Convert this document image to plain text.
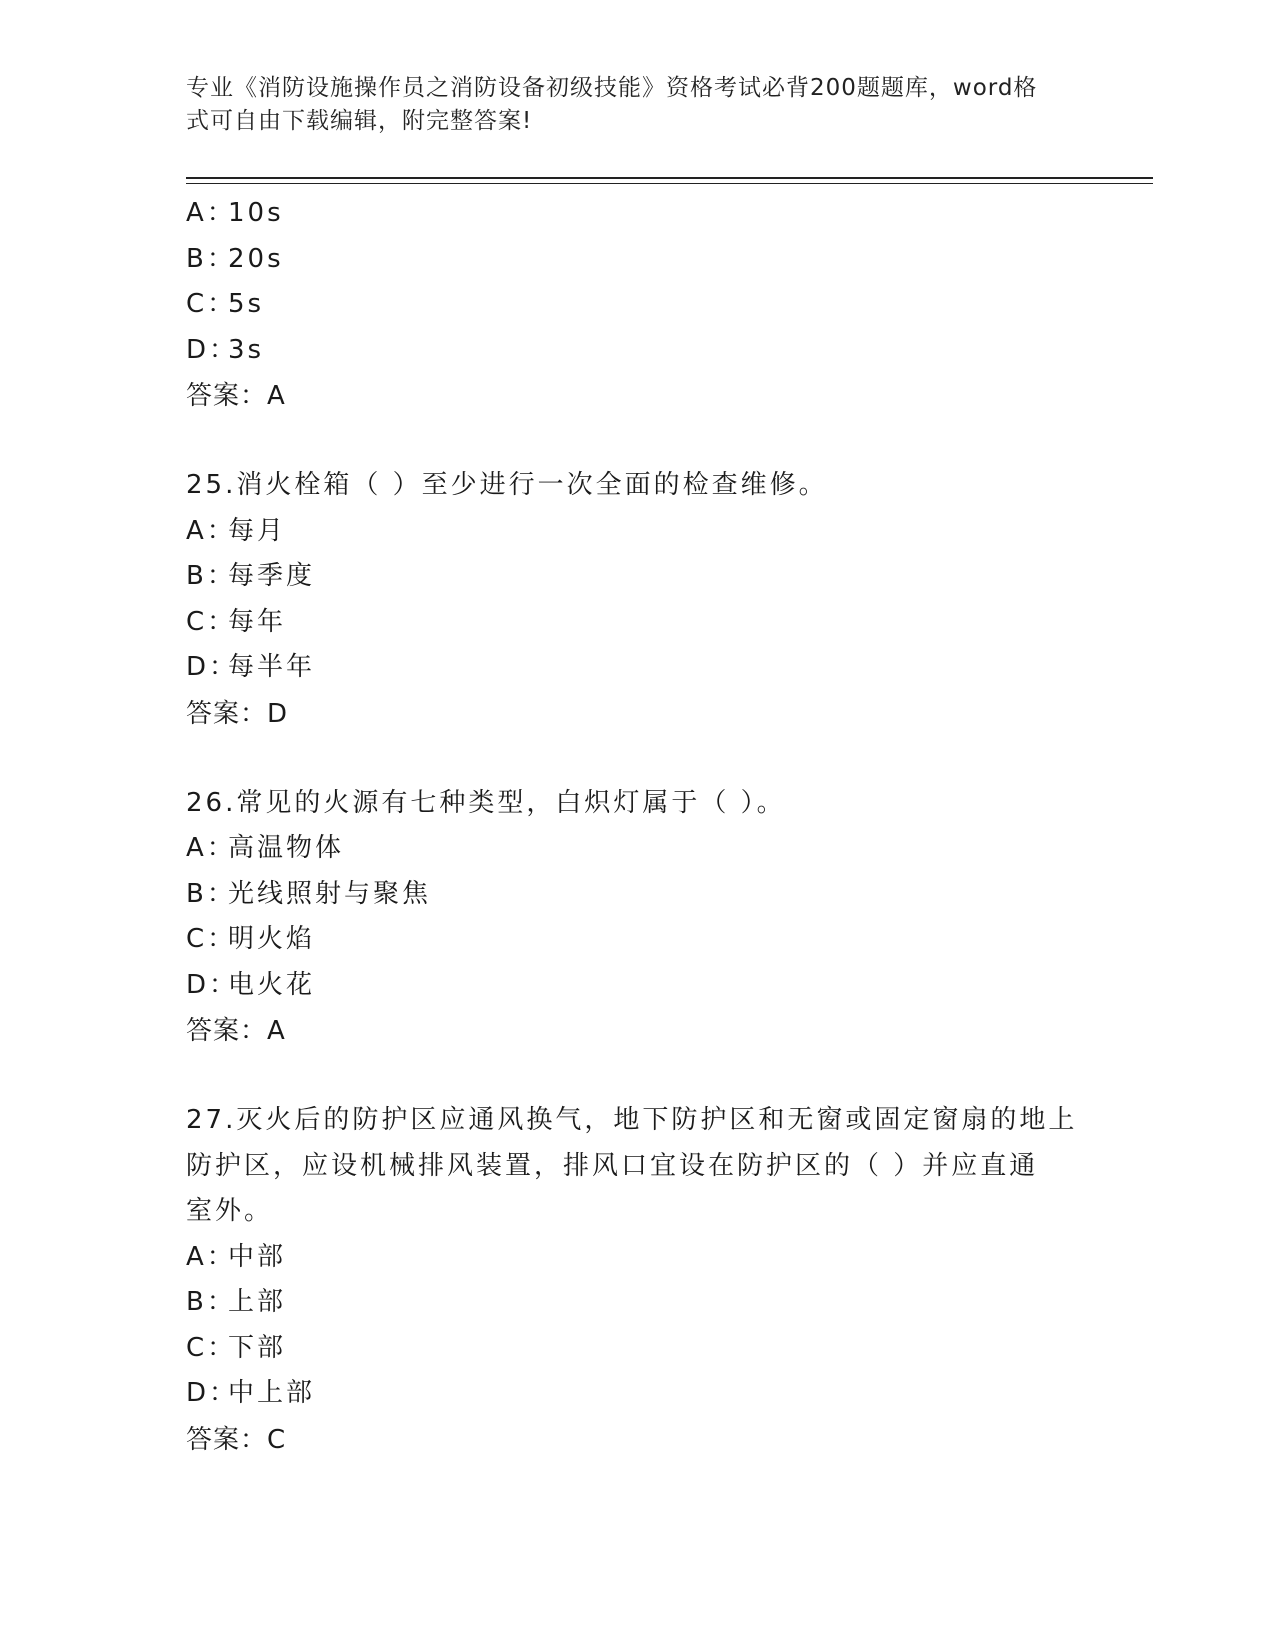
专业《消防设施操作员之消防设备初级技能》资格考试必背200题题库，word格
式可自由下载编辑，附完整答案!
A：10s
B：20s
C：5s
D：3s
答案：A
25.消火栓箱（ ）至少进行一次全面的检查维修。
A：每月
B：每季度
C：每年
D：每半年
答案：D
26.常见的火源有七种类型，白炽灯属于（ ）。
A：高温物体
B：光线照射与聚焦
C：明火焰
D：电火花
答案：A
27.灭火后的防护区应通风换气，地下防护区和无窗或固定窗扇的地上
防护区，应设机械排风装置，排风口宜设在防护区的（ ）并应直通
室外。
A：中部
B：上部
C：下部
D：中上部
答案：C
